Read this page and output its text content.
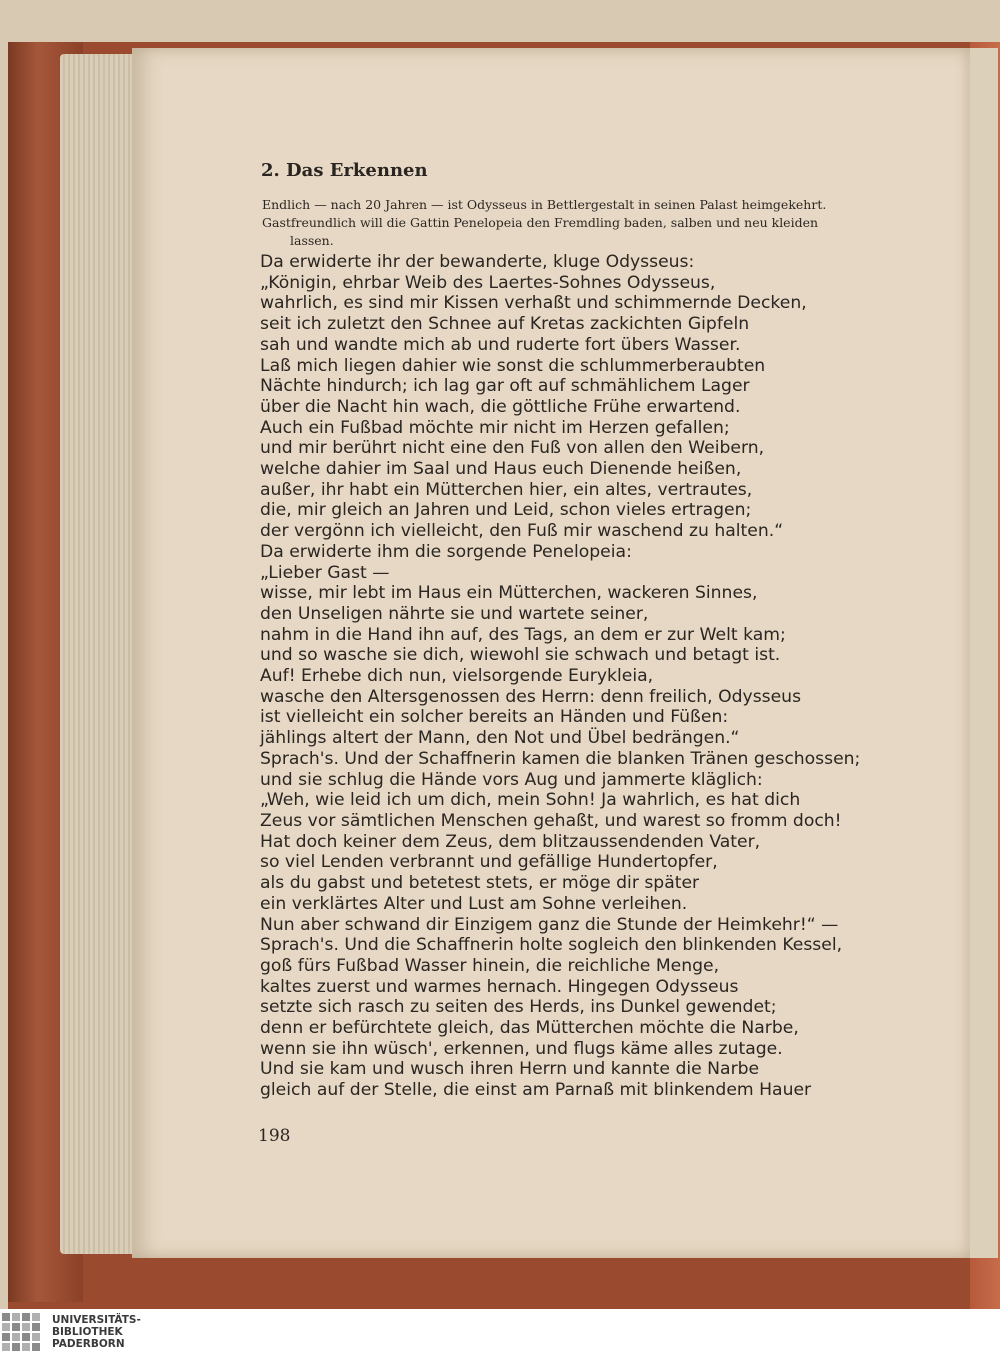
2. Das Erkennen
Endlich — nach 20 Jahren — ist Odysseus in Bettlergestalt in seinen Palast heimgekehrt.
Gastfreundlich will die Gattin Penelopeia den Fremdling baden, salben und neu kleiden
lassen.
Da erwiderte ihr der bewanderte, kluge Odysseus:
„Königin, ehrbar Weib des Laertes-Sohnes Odysseus,
wahrlich, es sind mir Kissen verhaßt und schimmernde Decken,
seit ich zuletzt den Schnee auf Kretas zackichten Gipfeln
sah und wandte mich ab und ruderte fort übers Wasser.
Laß mich liegen dahier wie sonst die schlummerberaubten
Nächte hindurch; ich lag gar oft auf schmählichem Lager
über die Nacht hin wach, die göttliche Frühe erwartend.
Auch ein Fußbad möchte mir nicht im Herzen gefallen;
und mir berührt nicht eine den Fuß von allen den Weibern,
welche dahier im Saal und Haus euch Dienende heißen,
außer, ihr habt ein Mütterchen hier, ein altes, vertrautes,
die, mir gleich an Jahren und Leid, schon vieles ertragen;
der vergönn ich vielleicht, den Fuß mir waschend zu halten.“
Da erwiderte ihm die sorgende Penelopeia:
„Lieber Gast —
wisse, mir lebt im Haus ein Mütterchen, wackeren Sinnes,
den Unseligen nährte sie und wartete seiner,
nahm in die Hand ihn auf, des Tags, an dem er zur Welt kam;
und so wasche sie dich, wiewohl sie schwach und betagt ist.
Auf! Erhebe dich nun, vielsorgende Eurykleia,
wasche den Altersgenossen des Herrn: denn freilich, Odysseus
ist vielleicht ein solcher bereits an Händen und Füßen:
jählings altert der Mann, den Not und Übel bedrängen.“
Sprach's. Und der Schaffnerin kamen die blanken Tränen geschossen;
und sie schlug die Hände vors Aug und jammerte kläglich:
„Weh, wie leid ich um dich, mein Sohn! Ja wahrlich, es hat dich
Zeus vor sämtlichen Menschen gehaßt, und warest so fromm doch!
Hat doch keiner dem Zeus, dem blitzaussendenden Vater,
so viel Lenden verbrannt und gefällige Hundertopfer,
als du gabst und betetest stets, er möge dir später
ein verklärtes Alter und Lust am Sohne verleihen.
Nun aber schwand dir Einzigem ganz die Stunde der Heimkehr!“ —
Sprach's. Und die Schaffnerin holte sogleich den blinkenden Kessel,
goß fürs Fußbad Wasser hinein, die reichliche Menge,
kaltes zuerst und warmes hernach. Hingegen Odysseus
setzte sich rasch zu seiten des Herds, ins Dunkel gewendet;
denn er befürchtete gleich, das Mütterchen möchte die Narbe,
wenn sie ihn wüsch', erkennen, und flugs käme alles zutage.
Und sie kam und wusch ihren Herrn und kannte die Narbe
gleich auf der Stelle, die einst am Parnaß mit blinkendem Hauer
198
UNIVERSITÄTS-
BIBLIOTHEK
PADERBORN
